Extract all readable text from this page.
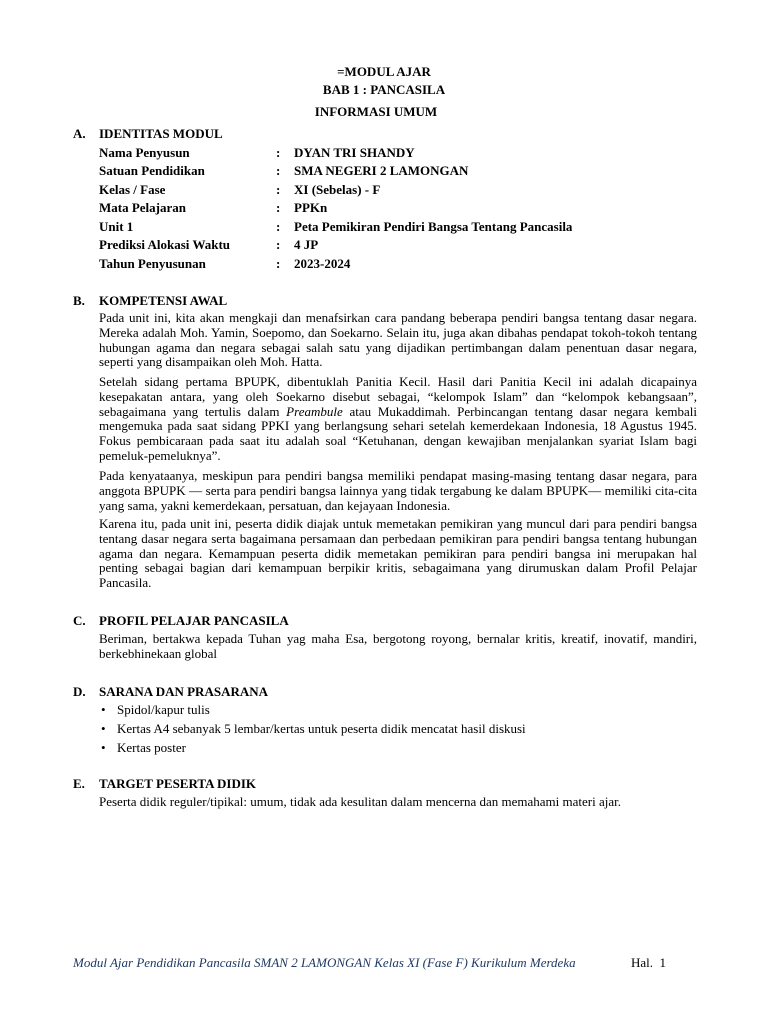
=MODUL AJAR
BAB 1 : PANCASILA
INFORMASI UMUM
A. IDENTITAS MODUL
Nama Penyusun	: DYAN TRI SHANDY
Satuan Pendidikan	: SMA NEGERI 2 LAMONGAN
Kelas / Fase	: XI (Sebelas) - F
Mata Pelajaran	: PPKn
Unit 1	: Peta Pemikiran Pendiri Bangsa Tentang Pancasila
Prediksi Alokasi Waktu	: 4 JP
Tahun Penyusunan	: 2023-2024
B. KOMPETENSI AWAL
Pada unit ini, kita akan mengkaji dan menafsirkan cara pandang beberapa pendiri bangsa tentang dasar negara. Mereka adalah Moh. Yamin, Soepomo, dan Soekarno. Selain itu, juga akan dibahas pendapat tokoh-tokoh tentang hubungan agama dan negara sebagai salah satu yang dijadikan pertimbangan dalam penentuan dasar negara, seperti yang disampaikan oleh Moh. Hatta.
Setelah sidang pertama BPUPK, dibentuklah Panitia Kecil. Hasil dari Panitia Kecil ini adalah dicapainya kesepakatan antara, yang oleh Soekarno disebut sebagai, “kelompok Islam” dan “kelompok kebangsaan”, sebagaimana yang tertulis dalam Preambule atau Mukaddimah. Perbincangan tentang dasar negara kembali mengemuka pada saat sidang PPKI yang berlangsung sehari setelah kemerdekaan Indonesia, 18 Agustus 1945. Fokus pembicaraan pada saat itu adalah soal “Ketuhanan, dengan kewajiban menjalankan syariat Islam bagi pemeluk-pemeluknya”.
Pada kenyataanya, meskipun para pendiri bangsa memiliki pendapat masing-masing tentang dasar negara, para anggota BPUPK — serta para pendiri bangsa lainnya yang tidak tergabung ke dalam BPUPK— memiliki cita-cita yang sama, yakni kemerdekaan, persatuan, dan kejayaan Indonesia.
Karena itu, pada unit ini, peserta didik diajak untuk memetakan pemikiran yang muncul dari para pendiri bangsa tentang dasar negara serta bagaimana persamaan dan perbedaan pemikiran para pendiri bangsa tentang hubungan agama dan negara. Kemampuan peserta didik memetakan pemikiran para pendiri bangsa ini merupakan hal penting sebagai bagian dari kemampuan berpikir kritis, sebagaimana yang dirumuskan dalam Profil Pelajar Pancasila.
C. PROFIL PELAJAR PANCASILA
Beriman, bertakwa kepada Tuhan yag maha Esa, bergotong royong, bernalar kritis, kreatif, inovatif, mandiri, berkebhinekaan global
D. SARANA DAN PRASARANA
• Spidol/kapur tulis
• Kertas A4 sebanyak 5 lembar/kertas untuk peserta didik mencatat hasil diskusi
• Kertas poster
E. TARGET PESERTA DIDIK
Peserta didik reguler/tipikal: umum, tidak ada kesulitan dalam mencerna dan memahami materi ajar.
Modul Ajar Pendidikan Pancasila SMAN 2 LAMONGAN Kelas XI (Fase F) Kurikulum Merdeka	Hal. 1
